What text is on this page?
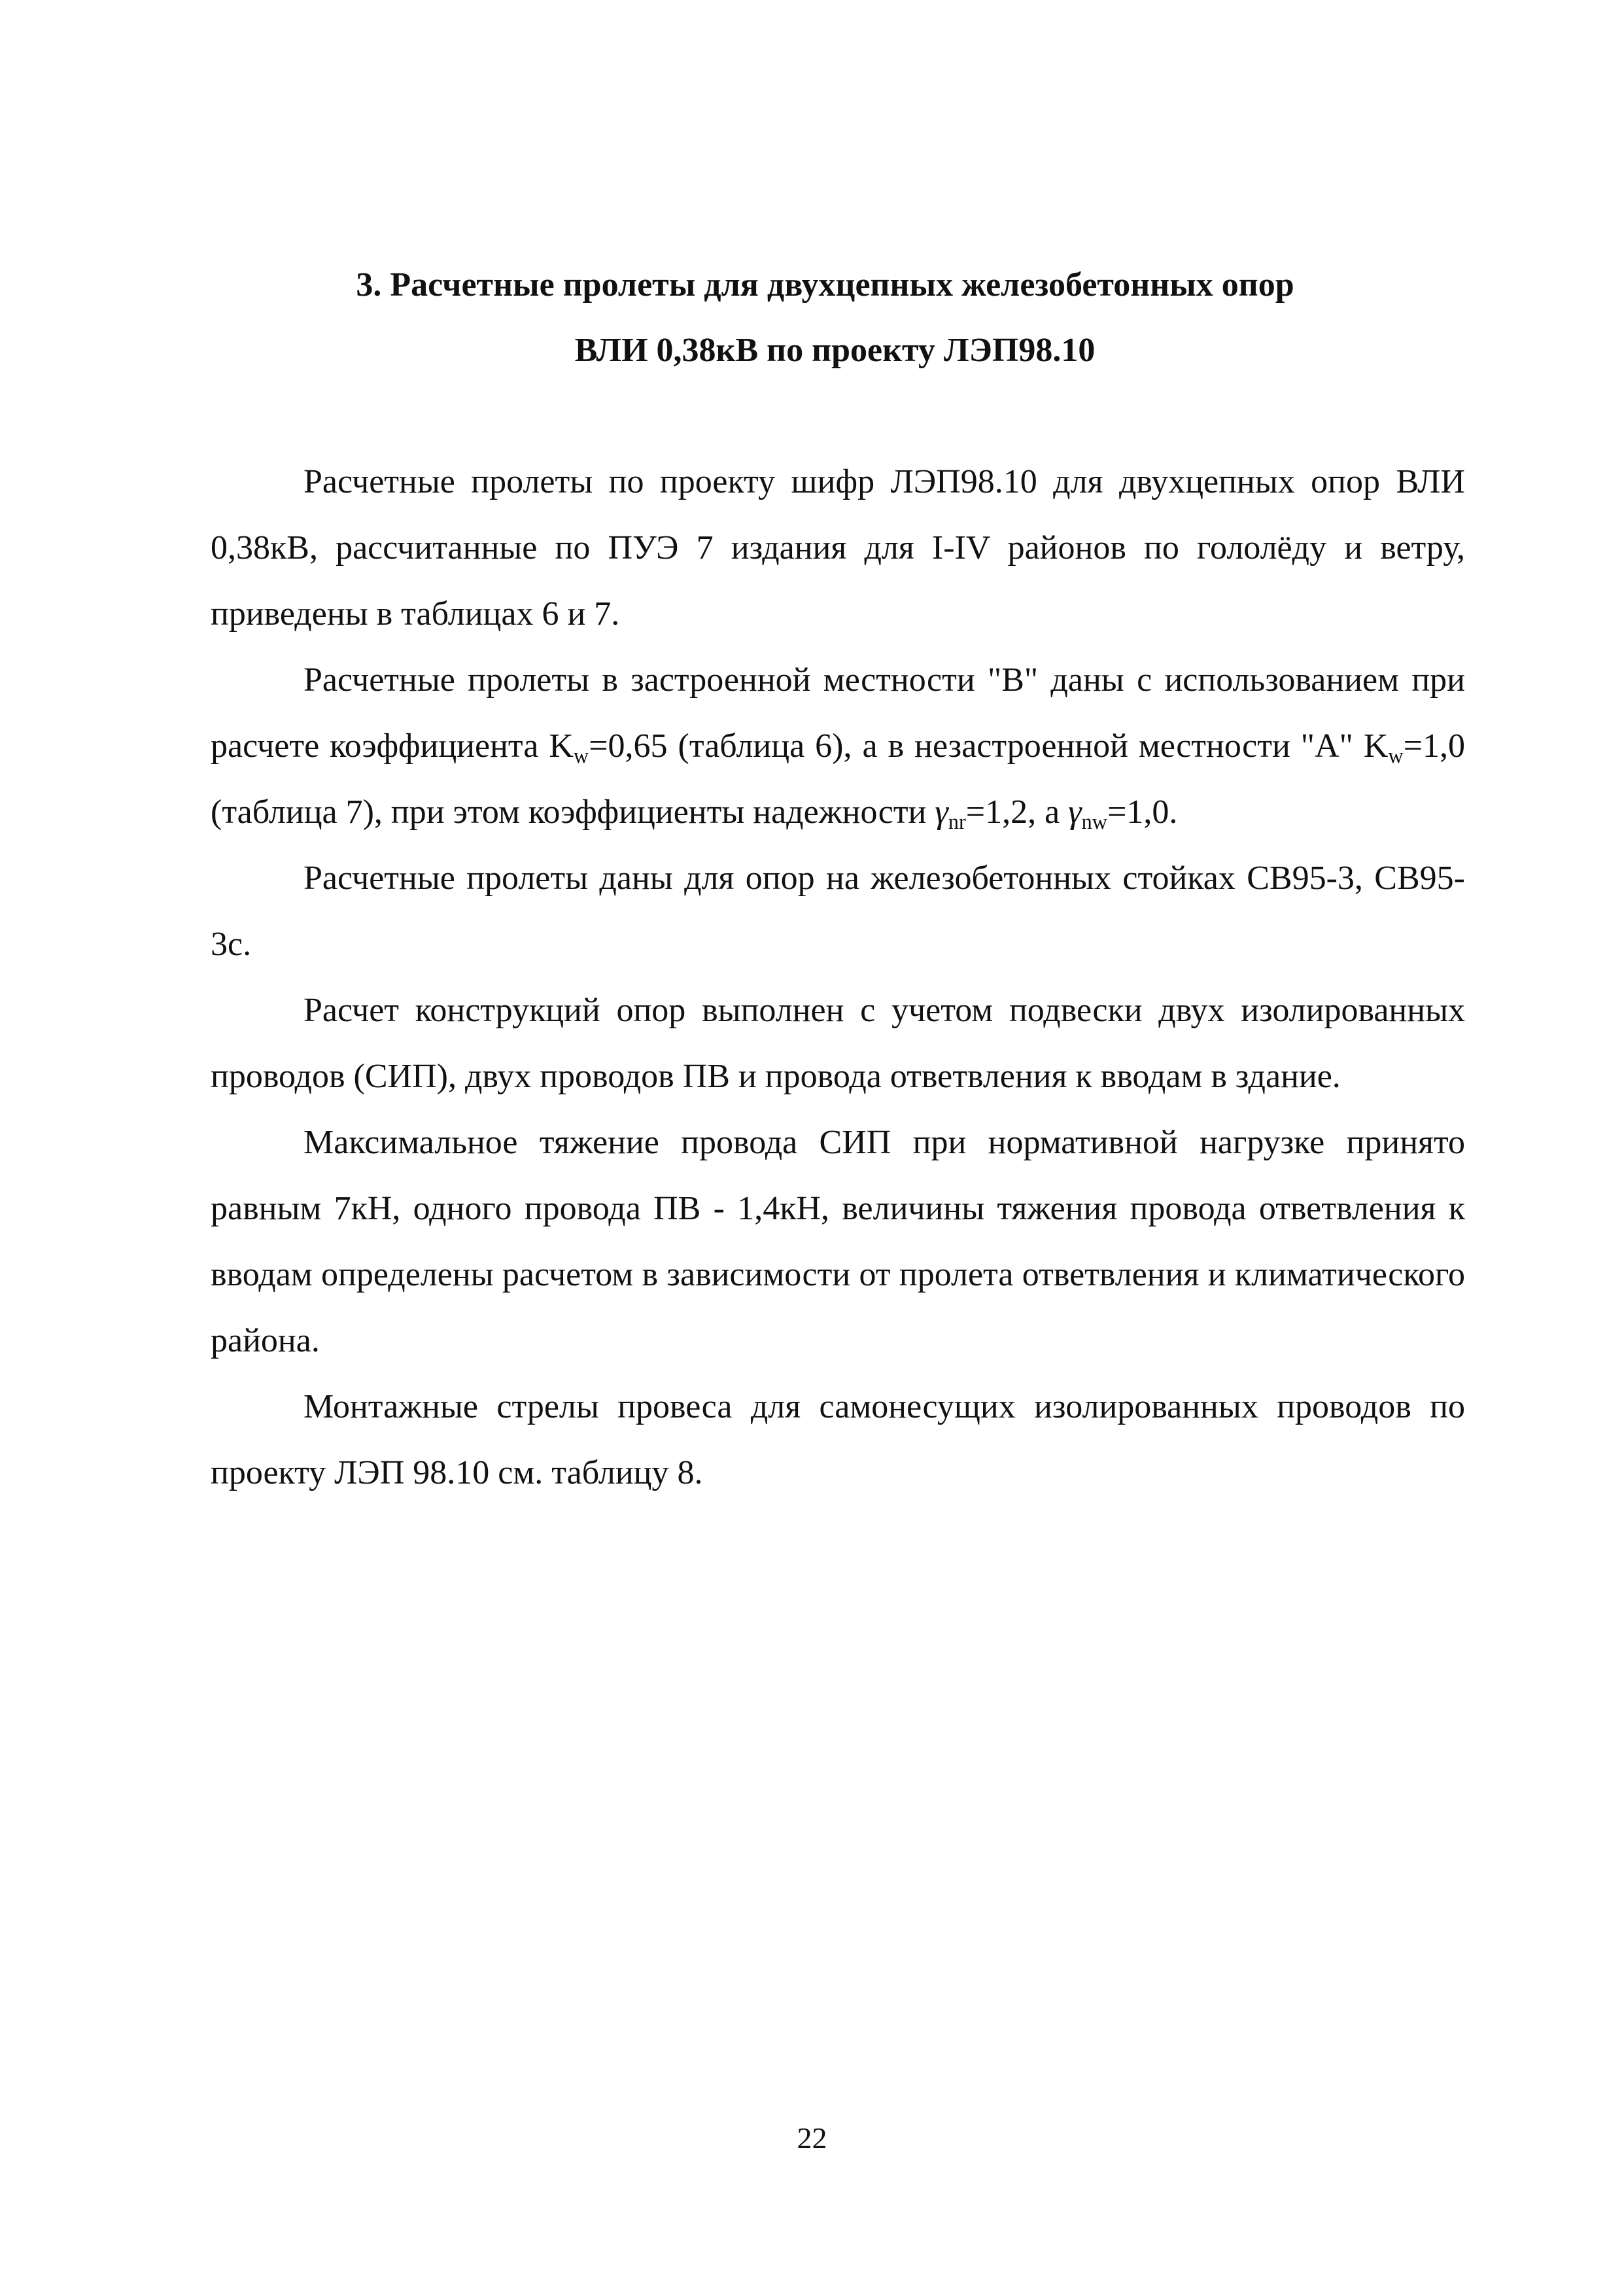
3. Расчетные пролеты для двухцепных железобетонных опор
ВЛИ 0,38кВ по проекту ЛЭП98.10

Расчетные пролеты по проекту шифр ЛЭП98.10 для двухцепных опор ВЛИ 0,38кВ, рассчитанные по ПУЭ 7 издания для I-IV районов по гололёду и ветру, приведены в таблицах 6 и 7.

Расчетные пролеты в застроенной местности "В" даны с использованием при расчете коэффициента $K_w=0,65$ (таблица 6), а в незастроенной местности "А" $K_w=1,0$ (таблица 7), при этом коэффициенты надежности $\gamma_{nr}=1,2$, а $\gamma_{nw}=1,0$.

Расчетные пролеты даны для опор на железобетонных стойках СВ95-3, СВ95-3с.

Расчет конструкций опор выполнен с учетом подвески двух изолированных проводов (СИП), двух проводов ПВ и провода ответвления к вводам в здание.

Максимальное тяжение провода СИП при нормативной нагрузке принято равным 7кН, одного провода ПВ - 1,4кН, величины тяжения провода ответвления к вводам определены расчетом в зависимости от пролета ответвления и климатического района.

Монтажные стрелы провеса для самонесущих изолированных проводов по проекту ЛЭП 98.10 см. таблицу 8.

22
